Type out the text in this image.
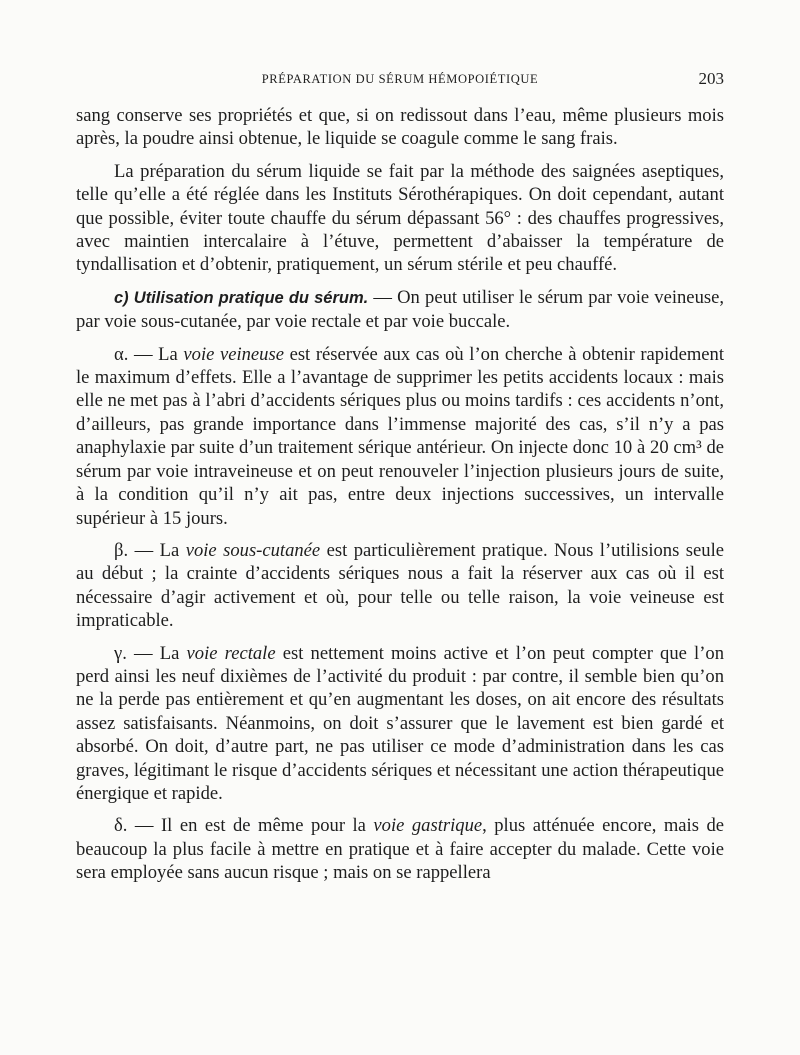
PRÉPARATION DU SÉRUM HÉMOPOIÉTIQUE	203

sang conserve ses propriétés et que, si on redissout dans l’eau, même plusieurs mois après, la poudre ainsi obtenue, le liquide se coagule comme le sang frais.

La préparation du sérum liquide se fait par la méthode des saignées aseptiques, telle qu’elle a été réglée dans les Instituts Sérothérapiques. On doit cependant, autant que possible, éviter toute chauffe du sérum dépassant 56° : des chauffes progressives, avec maintien intercalaire à l’étuve, permettent d’abaisser la température de tyndallisation et d’obtenir, pratiquement, un sérum stérile et peu chauffé.

c) Utilisation pratique du sérum. — On peut utiliser le sérum par voie veineuse, par voie sous-cutanée, par voie rectale et par voie buccale.

α. — La voie veineuse est réservée aux cas où l’on cherche à obtenir rapidement le maximum d’effets. Elle a l’avantage de supprimer les petits accidents locaux : mais elle ne met pas à l’abri d’accidents sériques plus ou moins tardifs : ces accidents n’ont, d’ailleurs, pas grande importance dans l’immense majorité des cas, s’il n’y a pas anaphylaxie par suite d’un traitement sérique antérieur. On injecte donc 10 à 20 cm³ de sérum par voie intraveineuse et on peut renouveler l’injection plusieurs jours de suite, à la condition qu’il n’y ait pas, entre deux injections successives, un intervalle supérieur à 15 jours.

β. — La voie sous-cutanée est particulièrement pratique. Nous l’utilisions seule au début ; la crainte d’accidents sériques nous a fait la réserver aux cas où il est nécessaire d’agir activement et où, pour telle ou telle raison, la voie veineuse est impraticable.

γ. — La voie rectale est nettement moins active et l’on peut compter que l’on perd ainsi les neuf dixièmes de l’activité du produit : par contre, il semble bien qu’on ne la perde pas entièrement et qu’en augmentant les doses, on ait encore des résultats assez satisfaisants. Néanmoins, on doit s’assurer que le lavement est bien gardé et absorbé. On doit, d’autre part, ne pas utiliser ce mode d’administration dans les cas graves, légitimant le risque d’accidents sériques et nécessitant une action thérapeutique énergique et rapide.

δ. — Il en est de même pour la voie gastrique, plus atténuée encore, mais de beaucoup la plus facile à mettre en pratique et à faire accepter du malade. Cette voie sera employée sans aucun risque ; mais on se rappellera
